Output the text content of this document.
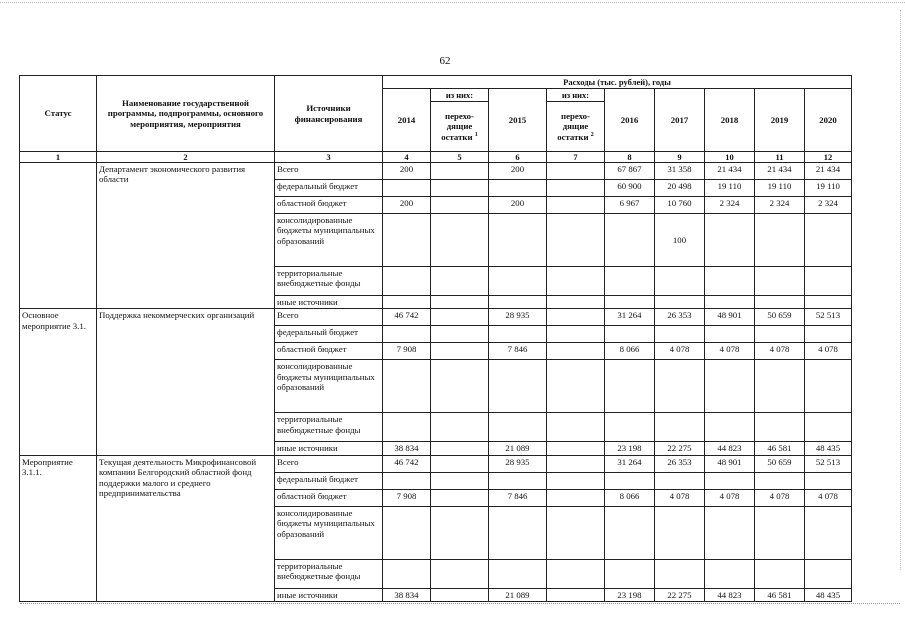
62
Статус	Наименование государственной программы, подпрограммы, основного мероприятия, мероприятия	Источники финансирования	Расходы (тыс. рублей), годы								
			2014	из них:	2015	из них:	2016	2017	2018	2019	2020
				перехо-дящие остатки $^1$		перехо-дящие остатки $^2$
1	2	3	4	5	6	7	8	9	10	11	12
	Департамент экономического развития области	Всего	200		200		67 867	31 358	21 434	21 434	21 434
		федеральный бюджет					60 900	20 498	19 110	19 110	19 110
		областной бюджет	200		200		6 967	10 760	2 324	2 324	2 324
		консолидированные бюджеты муниципальных образований						100			
		территориальные внебюджетные фонды									
		иные источники									
Основное мероприятие 3.1.	Поддержка некоммерческих организаций	Всего	46 742		28 935		31 264	26 353	48 901	50 659	52 513
		федеральный бюджет									
		областной бюджет	7 908		7 846		8 066	4 078	4 078	4 078	4 078
		консолидированные бюджеты муниципальных образований									
		территориальные внебюджетные фонды									
		иные источники	38 834		21 089		23 198	22 275	44 823	46 581	48 435
Мероприятие 3.1.1.	Текущая деятельность Микрофинансовой компании Белгородский областной фонд поддержки малого и среднего предпринимательства	Всего	46 742		28 935		31 264	26 353	48 901	50 659	52 513
		федеральный бюджет									
		областной бюджет	7 908		7 846		8 066	4 078	4 078	4 078	4 078
		консолидированные бюджеты муниципальных образований									
		территориальные внебюджетные фонды									
		иные источники	38 834		21 089		23 198	22 275	44 823	46 581	48 435
